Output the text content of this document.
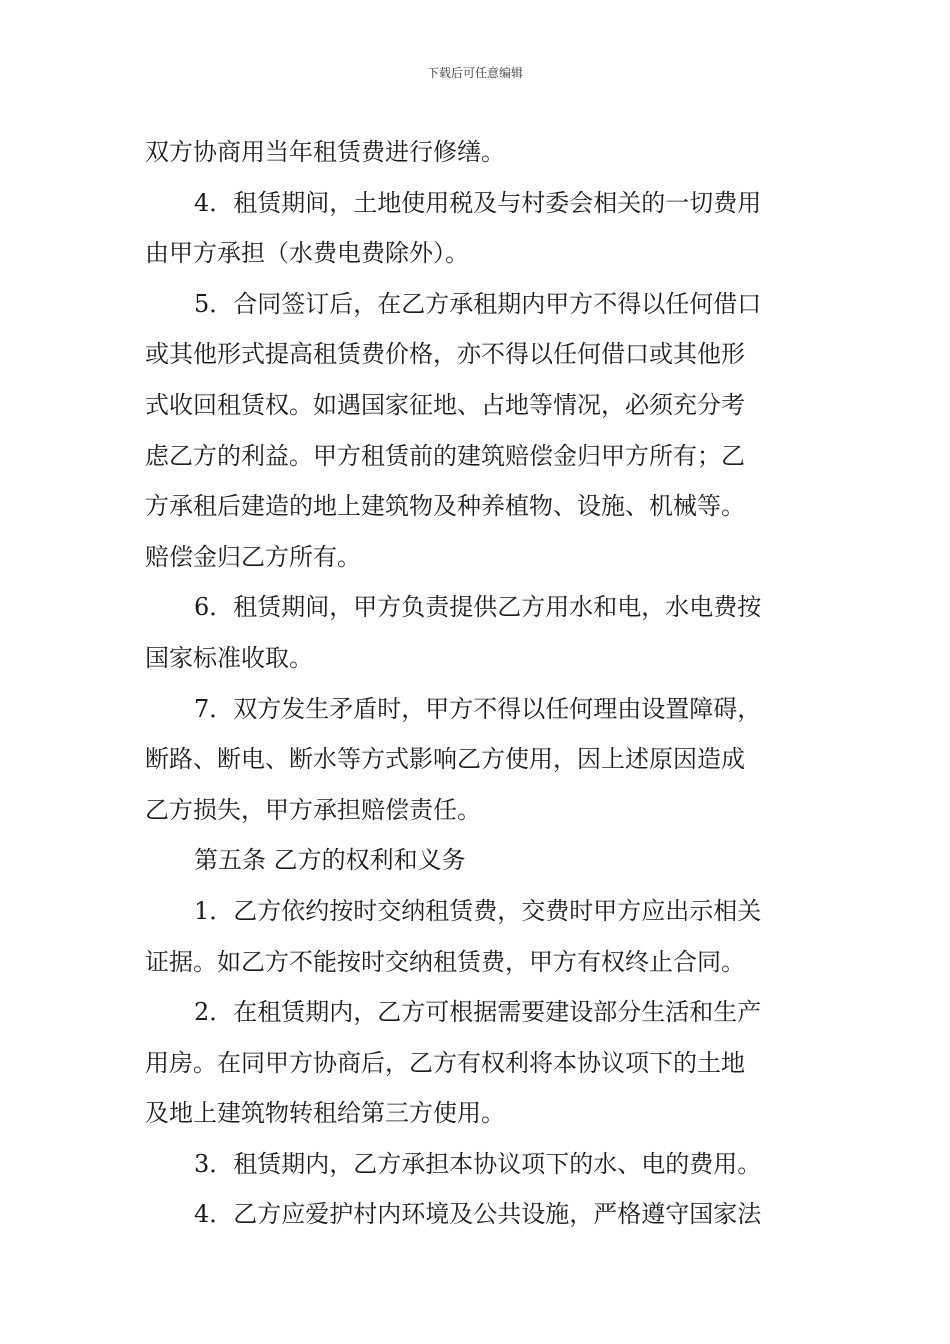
下载后可任意编辑
双方协商用当年租赁费进行修缮。
4．租赁期间，土地使用税及与村委会相关的一切费用
由甲方承担（水费电费除外）。
5．合同签订后，在乙方承租期内甲方不得以任何借口
或其他形式提高租赁费价格，亦不得以任何借口或其他形
式收回租赁权。如遇国家征地、占地等情况，必须充分考
虑乙方的利益。甲方租赁前的建筑赔偿金归甲方所有；乙
方承租后建造的地上建筑物及种养植物、设施、机械等。
赔偿金归乙方所有。
6．租赁期间，甲方负责提供乙方用水和电，水电费按
国家标准收取。
7．双方发生矛盾时，甲方不得以任何理由设置障碍，
断路、断电、断水等方式影响乙方使用，因上述原因造成
乙方损失，甲方承担赔偿责任。
第五条 乙方的权利和义务
1．乙方依约按时交纳租赁费，交费时甲方应出示相关
证据。如乙方不能按时交纳租赁费，甲方有权终止合同。
2．在租赁期内，乙方可根据需要建设部分生活和生产
用房。在同甲方协商后，乙方有权利将本协议项下的土地
及地上建筑物转租给第三方使用。
3．租赁期内，乙方承担本协议项下的水、电的费用。
4．乙方应爱护村内环境及公共设施，严格遵守国家法
